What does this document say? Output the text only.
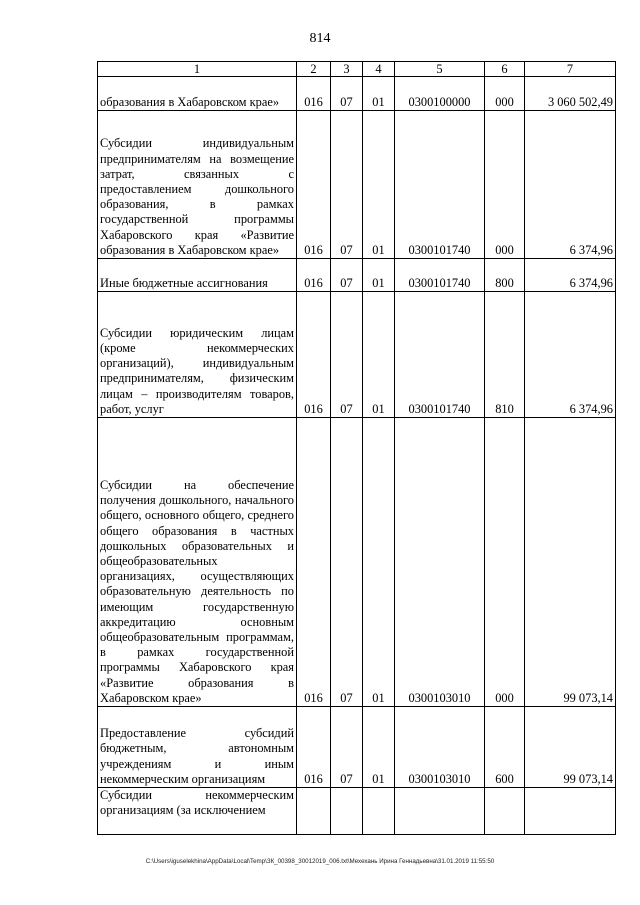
814
1	2	3	4	5	6	7
образования в Хабаровском крае»	016	07	01	0300100000	000	3 060 502,49
Субсидии индивидуальным предпринимателям на возмещение затрат, связанных с предоставлением дошкольного образования, в рамках государственной программы Хабаровского края «Развитие образования в Хабаровском крае»	016	07	01	0300101740	000	6 374,96
Иные бюджетные ассигнования	016	07	01	0300101740	800	6 374,96
Субсидии юридическим лицам (кроме некоммерческих организаций), индивидуальным предпринимателям, физическим лицам – производителям товаров, работ, услуг	016	07	01	0300101740	810	6 374,96
Субсидии на обеспечение получения дошкольного, начального общего, основного общего, среднего общего образования в частных дошкольных образовательных и общеобразовательных организациях, осуществляющих образовательную деятельность по имеющим государственную аккредитацию основным общеобразовательным программам, в рамках государственной программы Хабаровского края «Развитие образования в Хабаровском крае»	016	07	01	0300103010	000	99 073,14
Предоставление субсидий бюджетным, автономным учреждениям и иным некоммерческим организациям	016	07	01	0300103010	600	99 073,14
Субсидии некоммерческим организациям (за исключением						
C:\Users\iguselekhina\AppData\Local\Temp\ЗК_00398_30012019_006.txt\Мехехань Ирина Геннадьевна\31.01.2019 11:55:50
